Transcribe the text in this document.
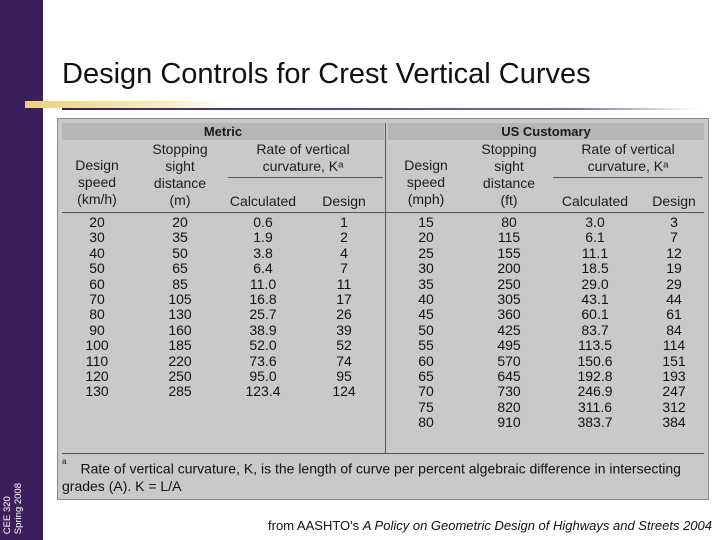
CEE 320 Spring 2008
Design Controls for Crest Vertical Curves
Metric	US Customary
Design
speed
(km/h)
Stopping
sight
distance
(m)
Rate of vertical
curvature, Kᵃ
Calculated	Design
Design
speed
(mph)
Stopping
sight
distance
(ft)
Rate of vertical
curvature, Kᵃ
Calculated	Design
20	20	0.6	1
30	35	1.9	2
40	50	3.8	4
50	65	6.4	7
60	85	11.0	11
70	105	16.8	17
80	130	25.7	26
90	160	38.9	39
100	185	52.0	52
110	220	73.6	74
120	250	95.0	95
130	285	123.4	124
15	80	3.0	3
20	115	6.1	7
25	155	11.1	12
30	200	18.5	19
35	250	29.0	29
40	305	43.1	44
45	360	60.1	61
50	425	83.7	84
55	495	113.5	114
60	570	150.6	151
65	645	192.8	193
70	730	246.9	247
75	820	311.6	312
80	910	383.7	384
$^a$ Rate of vertical curvature, K, is the length of curve per percent algebraic difference in intersecting grades (A). K = L/A
from AASHTO's A Policy on Geometric Design of Highways and Streets 2004
